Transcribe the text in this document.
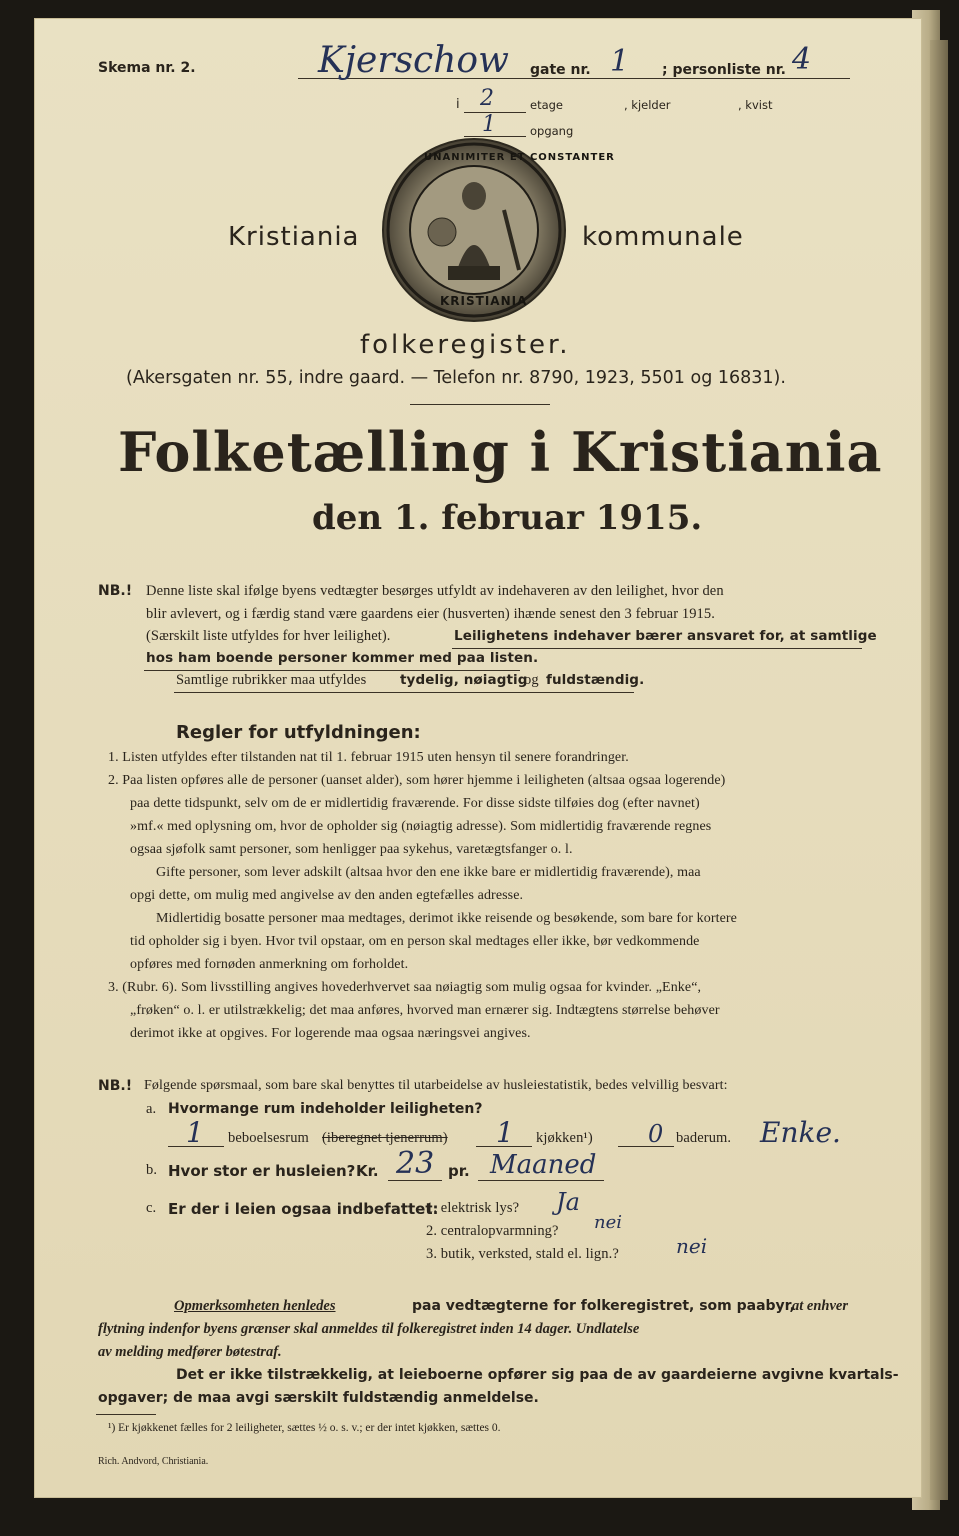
Skema nr. 2.	Kjerschow gate nr. 1 ; personliste nr. 4
i 2	etage	, kjelder	, kvist
1	opgang
UNANIMITER ET CONSTANTER
KRISTIANIA
Kristiania	kommunale
folkeregister.
(Akersgaten nr. 55, indre gaard. — Telefon nr. 8790, 1923, 5501 og 16831).
Folketælling i Kristiania
den 1. februar 1915.
NB.! Denne liste skal ifølge byens vedtægter besørges utfyldt av indehaveren av den leilighet, hvor den
blir avlevert, og i færdig stand være gaardens eier (husverten) ihænde senest den 3 februar 1915.
(Særskilt liste utfyldes for hver leilighet).	Leilighetens indehaver bærer ansvaret for, at samtlige
hos ham boende personer kommer med paa listen.
Samtlige rubrikker maa utfyldes tydelig, nøiagtig
og fuldstændig.
Regler for utfyldningen:
1. Listen utfyldes efter tilstanden nat til 1. februar 1915 uten hensyn til senere forandringer.
2. Paa listen opføres alle de personer (uanset alder), som hører hjemme i leiligheten (altsaa ogsaa logerende)
paa dette tidspunkt, selv om de er midlertidig fraværende. For disse sidste tilføies dog (efter navnet)
»mf.« med oplysning om, hvor de opholder sig (nøiagtig adresse). Som midlertidig fraværende regnes
ogsaa sjøfolk samt personer, som henligger paa sykehus, varetægtsfanger o. l.
Gifte personer, som lever adskilt (altsaa hvor den ene ikke bare er midlertidig fraværende), maa
opgi dette, om mulig med angivelse av den anden egtefælles adresse.
Midlertidig bosatte personer maa medtages, derimot ikke reisende og besøkende, som bare for kortere
tid opholder sig i byen. Hvor tvil opstaar, om en person skal medtages eller ikke, bør vedkommende
opføres med fornøden anmerkning om forholdet.
3. (Rubr. 6). Som livsstilling angives hovederhvervet saa nøiagtig som mulig ogsaa for kvinder. „Enke“,
„frøken“ o. l. er utilstrækkelig; det maa anføres, hvorved man ernærer sig. Indtægtens størrelse behøver
derimot ikke at opgives. For logerende maa ogsaa næringsvei angives.
NB.! Følgende spørsmaal, som bare skal benyttes til utarbeidelse av husleiestatistik, bedes velvillig besvart:
a. Hvormange rum indeholder leiligheten?
1 beboelsesrum (iberegnet tjenerrum) 1 kjøkken¹) 0 baderum. Enke.
b. Hvor stor er husleien? Kr. 23 pr. Maaned
c. Er der i leien ogsaa indbefattet:
1. elektrisk lys? Ja
2. centralopvarmning? nei
3. butik, verksted, stald el. lign.?	nei
Opmerksomheten henledes	paa vedtægterne for folkeregistret, som paabyr,
at enhver
flytning indenfor byens grænser skal anmeldes til folkeregistret inden 14 dager. Undlatelse
av melding medfører bøtestraf.
Det er ikke tilstrækkelig, at leieboerne opfører sig paa de av gaardeierne avgivne kvartals-
opgaver; de maa avgi særskilt fuldstændig anmeldelse.
¹) Er kjøkkenet fælles for 2 leiligheter, sættes ½ o. s. v.; er der intet kjøkken, sættes 0.
Rich. Andvord, Christiania.
